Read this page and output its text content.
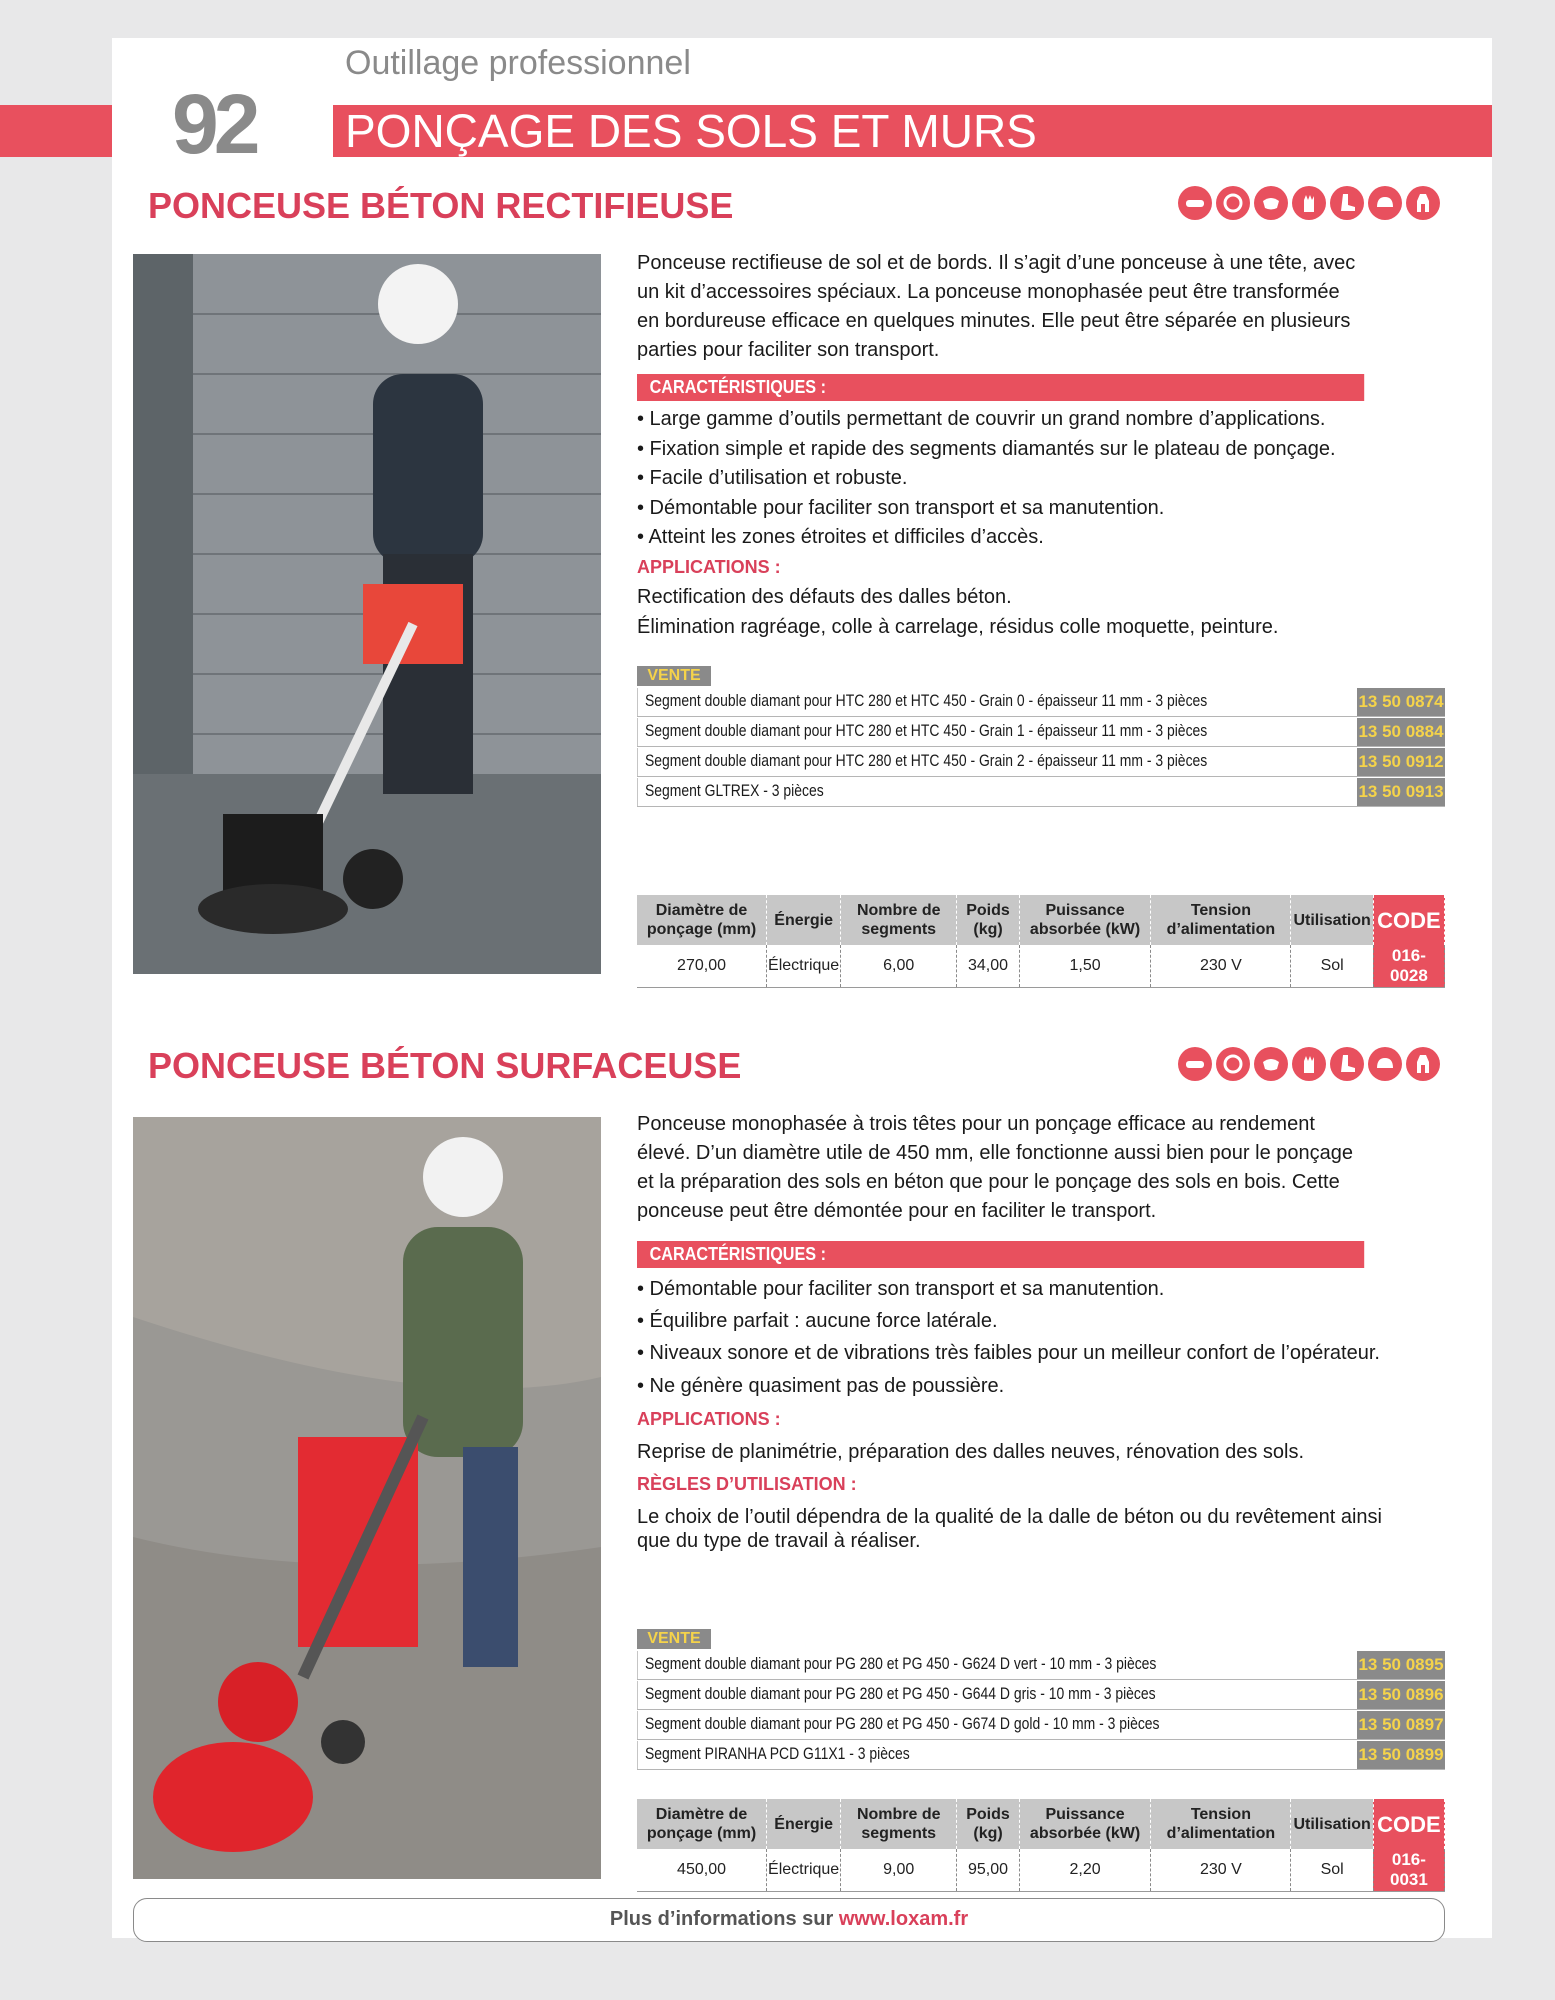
Outillage professionnel
92 PONÇAGE DES SOLS ET MURS
PONCEUSE BÉTON RECTIFIEUSE
Ponceuse rectifieuse de sol et de bords. Il s’agit d’une ponceuse à une tête, avec
un kit d’accessoires spéciaux. La ponceuse monophasée peut être transformée
en bordureuse efficace en quelques minutes. Elle peut être séparée en plusieurs
parties pour faciliter son transport.
CARACTÉRISTIQUES :
• Large gamme d’outils permettant de couvrir un grand nombre d’applications.
• Fixation simple et rapide des segments diamantés sur le plateau de ponçage.
• Facile d’utilisation et robuste.
• Démontable pour faciliter son transport et sa manutention.
• Atteint les zones étroites et difficiles d’accès.
APPLICATIONS :
Rectification des défauts des dalles béton.
Élimination ragréage, colle à carrelage, résidus colle moquette, peinture.
VENTE
Segment double diamant pour HTC 280 et HTC 450 - Grain 0 - épaisseur 11 mm - 3 pièces	13 50 0874
Segment double diamant pour HTC 280 et HTC 450 - Grain 1 - épaisseur 11 mm - 3 pièces	13 50 0884
Segment double diamant pour HTC 280 et HTC 450 - Grain 2 - épaisseur 11 mm - 3 pièces	13 50 0912
Segment GLTREX - 3 pièces	13 50 0913
Diamètre de ponçage (mm)	Énergie	Nombre de segments	Poids (kg)	Puissance absorbée (kW)	Tension d’alimentation	Utilisation	CODE
270,00	Électrique	6,00	34,00	1,50	230 V	Sol	016-0028
PONCEUSE BÉTON SURFACEUSE
Ponceuse monophasée à trois têtes pour un ponçage efficace au rendement
élevé. D’un diamètre utile de 450 mm, elle fonctionne aussi bien pour le ponçage
et la préparation des sols en béton que pour le ponçage des sols en bois. Cette
ponceuse peut être démontée pour en faciliter le transport.
CARACTÉRISTIQUES :
• Démontable pour faciliter son transport et sa manutention.
• Équilibre parfait : aucune force latérale.
• Niveaux sonore et de vibrations très faibles pour un meilleur confort de l’opérateur.
• Ne génère quasiment pas de poussière.
APPLICATIONS :
Reprise de planimétrie, préparation des dalles neuves, rénovation des sols.
RÈGLES D’UTILISATION :
Le choix de l’outil dépendra de la qualité de la dalle de béton ou du revêtement ainsi
que du type de travail à réaliser.
VENTE
Segment double diamant pour PG 280 et PG 450 - G624 D vert - 10 mm - 3 pièces	13 50 0895
Segment double diamant pour PG 280 et PG 450 - G644 D gris - 10 mm - 3 pièces	13 50 0896
Segment double diamant pour PG 280 et PG 450 - G674 D gold - 10 mm - 3 pièces	13 50 0897
Segment PIRANHA PCD G11X1 - 3 pièces	13 50 0899
Diamètre de ponçage (mm)	Énergie	Nombre de segments	Poids (kg)	Puissance absorbée (kW)	Tension d’alimentation	Utilisation	CODE
450,00	Électrique	9,00	95,00	2,20	230 V	Sol	016-0031
Plus d’informations sur www.loxam.fr
